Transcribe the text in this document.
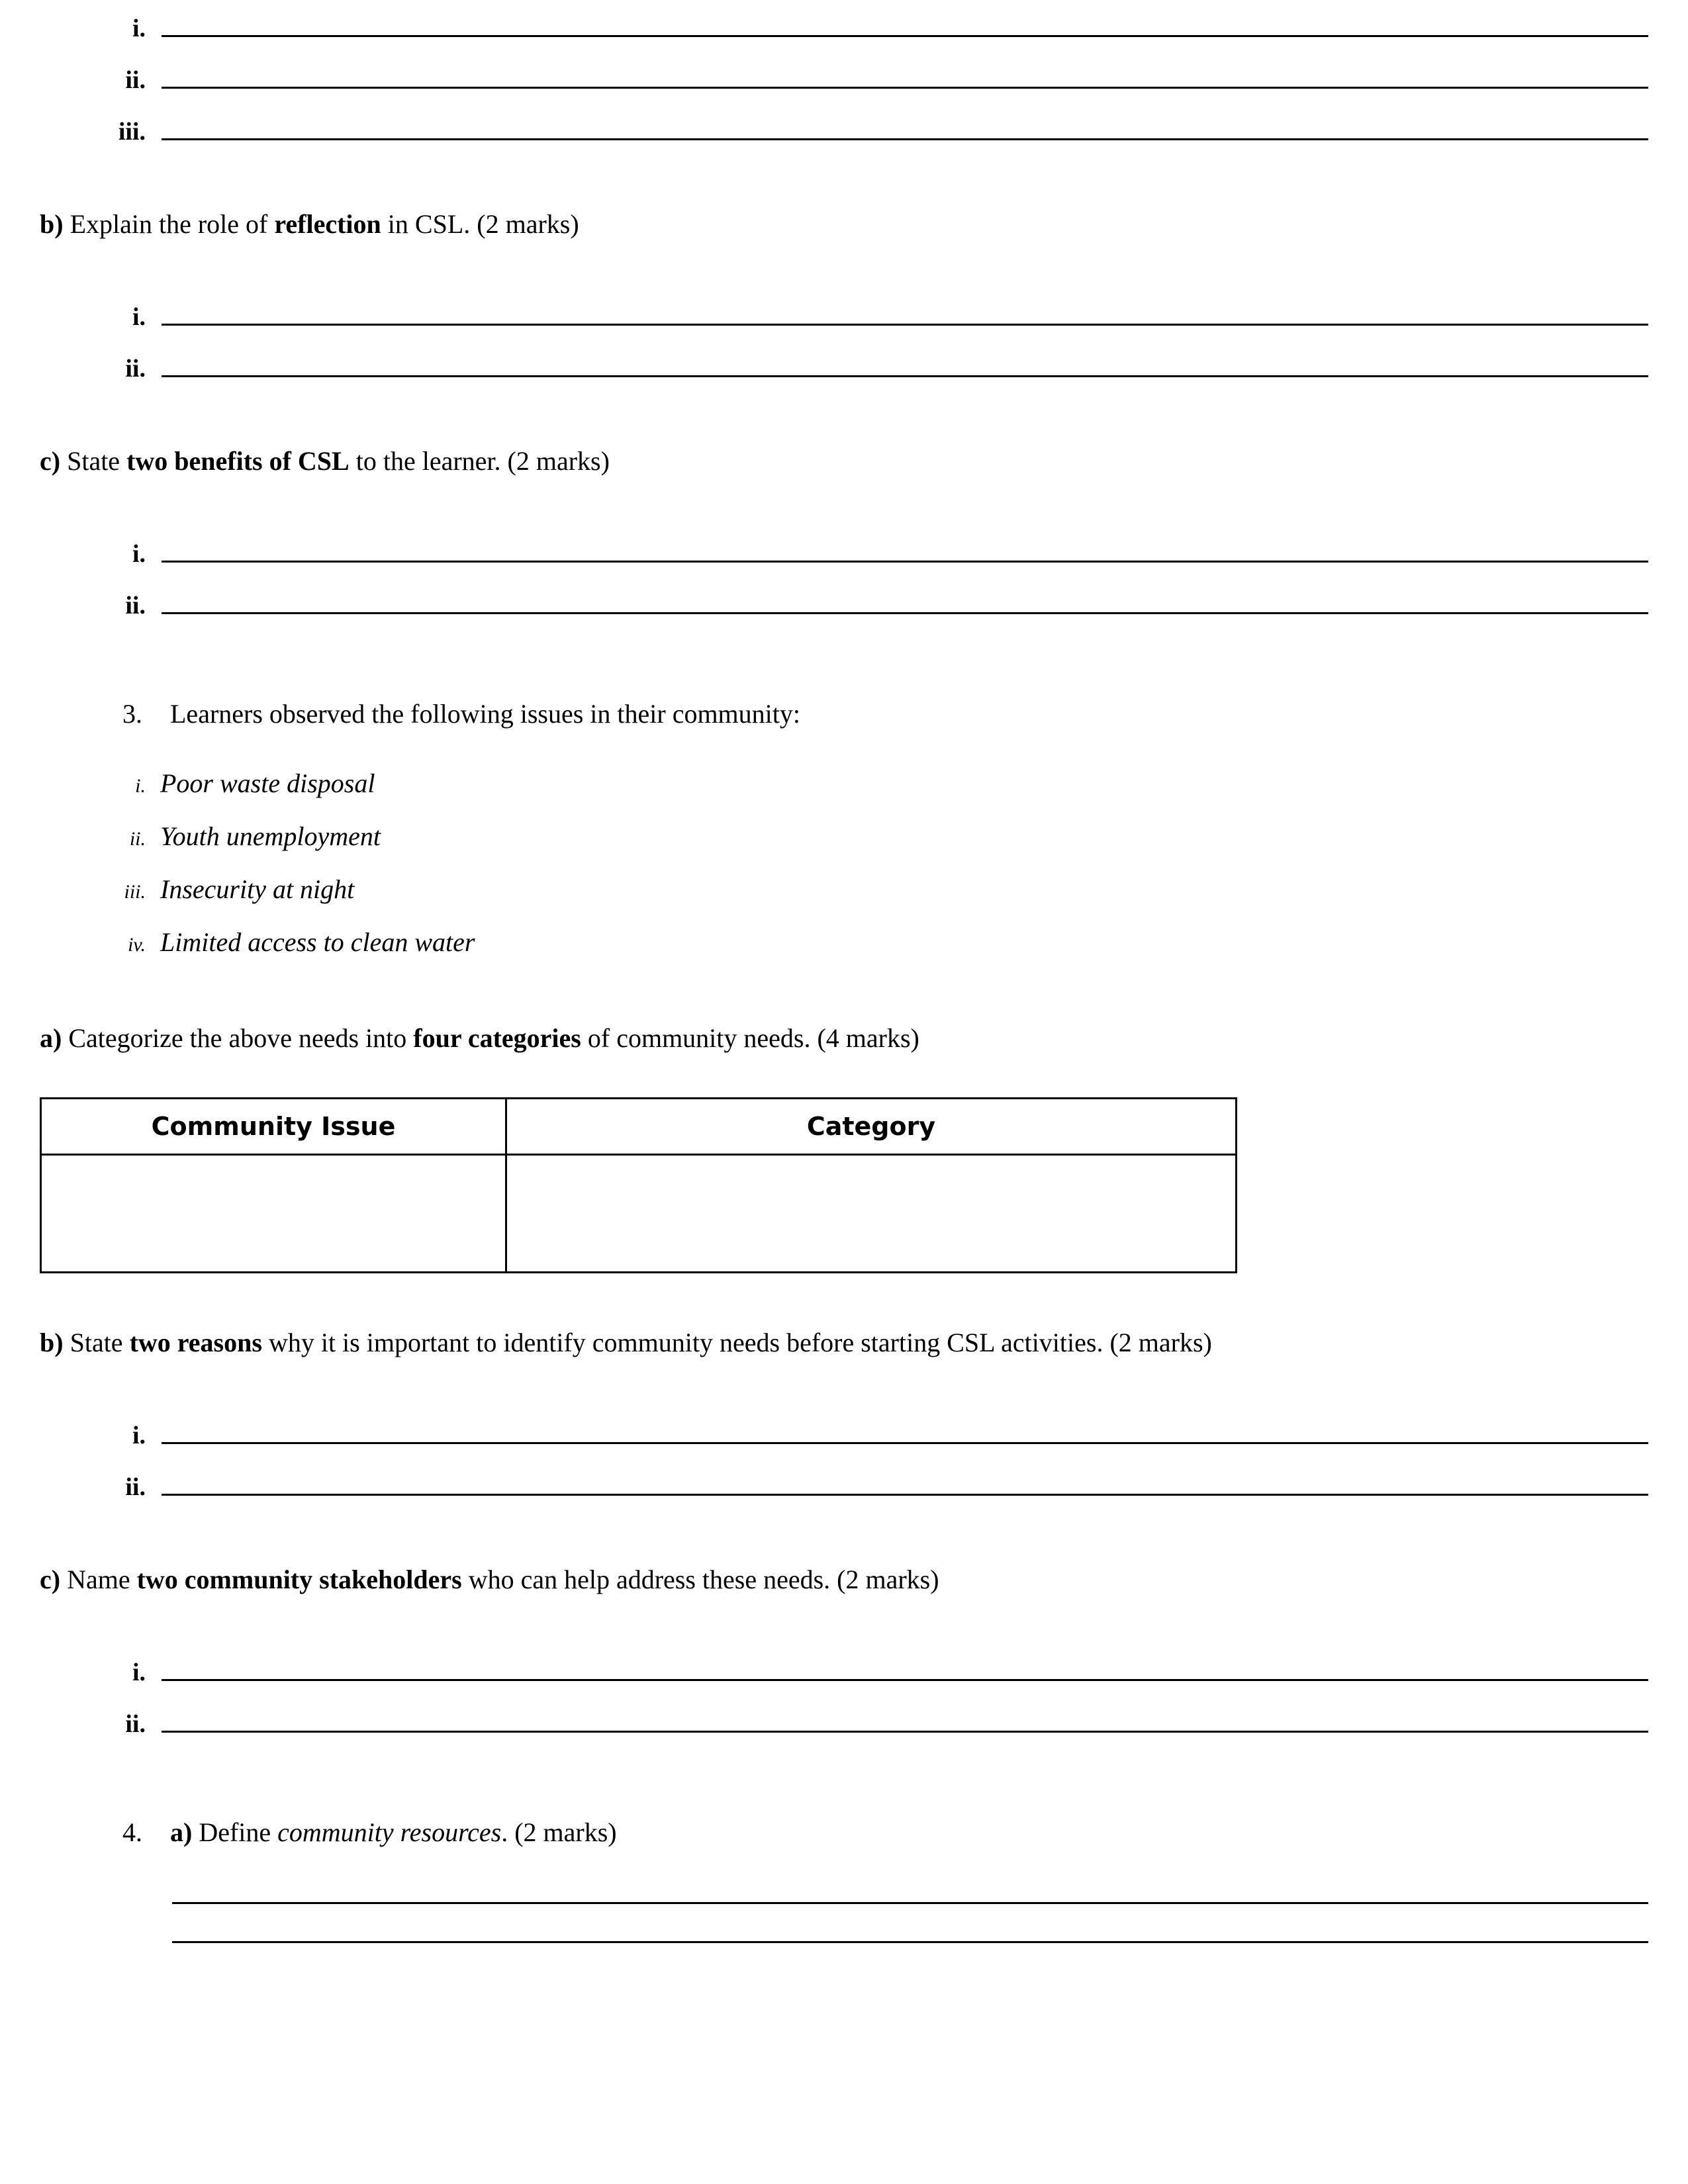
i.
ii.
iii.

b) Explain the role of reflection in CSL. (2 marks)

i.
ii.

c) State two benefits of CSL to the learner. (2 marks)

i.
ii.
3.	Learners observed the following issues in their community:
i. Poor waste disposal
ii. Youth unemployment
iii. Insecurity at night
iv. Limited access to clean water

a) Categorize the above needs into four categories of community needs. (4 marks)

Community Issue	Category

b) State two reasons why it is important to identify community needs before starting CSL activities. (2 marks)

i.
ii.

c) Name two community stakeholders who can help address these needs. (2 marks)

i.
ii.
4.	a) Define community resources. (2 marks)
